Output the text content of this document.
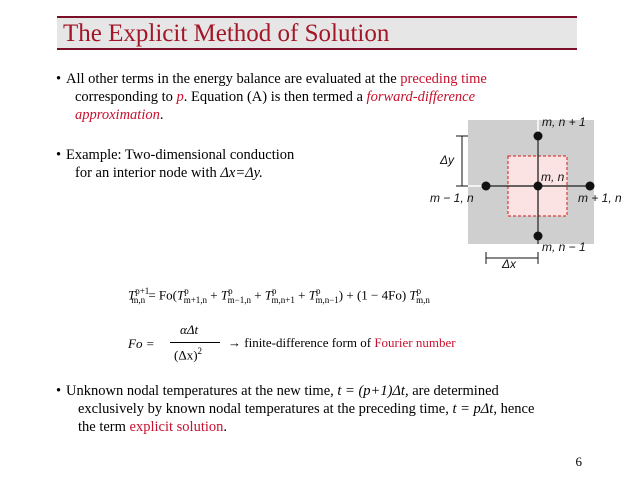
The Explicit Method of Solution
• All other terms in the energy balance are evaluated at the preceding time
corresponding to p. Equation (A) is then termed a forward-difference
approximation.
• Example: Two-dimensional conduction
for an interior node with Δx=Δy.
m, n + 1
m, n
m − 1, n	m + 1, n
m, n − 1
Δy
Δx
$T^{p+1}_{m,n} = Fo(T^p_{m+1,n} + T^p_{m-1,n} + T^p_{m,n+1} + T^p_{m,n-1}) + (1 - 4Fo)$ $T^p_{m,n}$
Fo =
αΔt
$(\Delta x)^2$
→ finite-difference form of Fourier number
• Unknown nodal temperatures at the new time, t = (p+1)Δt, are determined
exclusively by known nodal temperatures at the preceding time, t = pΔt, hence
the term explicit solution.
6
